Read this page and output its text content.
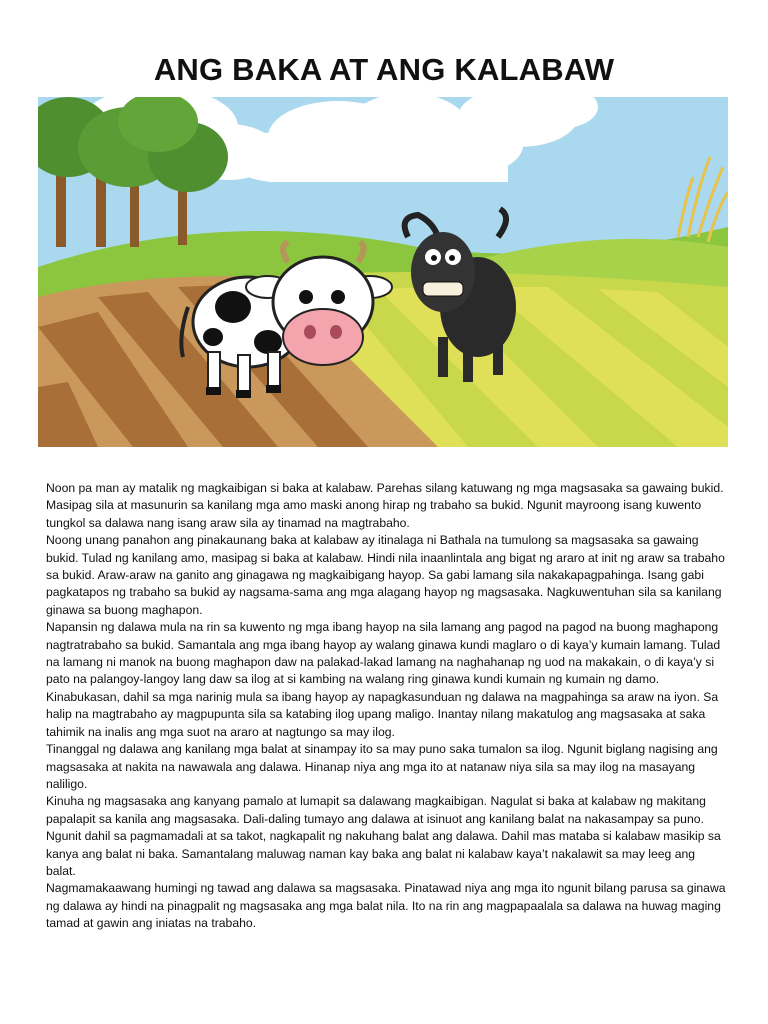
ANG BAKA AT ANG KALABAW

Noon pa man ay matalik ng magkaibigan si baka at kalabaw. Parehas silang katuwang ng mga magsasaka sa gawaing bukid. Masipag sila at masunurin sa kanilang mga amo maski anong hirap ng trabaho sa bukid. Ngunit mayroong isang kuwento tungkol sa dalawa nang isang araw sila ay tinamad na magtrabaho.

Noong unang panahon ang pinakaunang baka at kalabaw ay itinalaga ni Bathala na tumulong sa magsasaka sa gawaing bukid. Tulad ng kanilang amo, masipag si baka at kalabaw. Hindi nila inaanlintala ang bigat ng araro at init ng araw sa trabaho sa bukid. Araw-araw na ganito ang ginagawa ng magkaibigang hayop. Sa gabi lamang sila nakakapagpahinga. Isang gabi pagkatapos ng trabaho sa bukid ay nagsama-sama ang mga alagang hayop ng magsasaka. Nagkuwentuhan sila sa kanilang ginawa sa buong maghapon.

Napansin ng dalawa mula na rin sa kuwento ng mga ibang hayop na sila lamang ang pagod na pagod na buong maghapong nagtratrabaho sa bukid. Samantala ang mga ibang hayop ay walang ginawa kundi maglaro o di kaya’y kumain lamang. Tulad na lamang ni manok na buong maghapon daw na palakad-lakad lamang na naghahanap ng uod na makakain, o di kaya’y si pato na palangoy-langoy lang daw sa ilog at si kambing na walang ring ginawa kundi kumain ng kumain ng damo.

Kinabukasan, dahil sa mga narinig mula sa ibang hayop ay napagkasunduan ng dalawa na magpahinga sa araw na iyon. Sa halip na magtrabaho ay magpupunta sila sa katabing ilog upang maligo. Inantay nilang makatulog ang magsasaka at saka tahimik na inalis ang mga suot na araro at nagtungo sa may ilog.

Tinanggal ng dalawa ang kanilang mga balat at sinampay ito sa may puno saka tumalon sa ilog. Ngunit biglang nagising ang magsasaka at nakita na nawawala ang dalawa. Hinanap niya ang mga ito at natanaw niya sila sa may ilog na masayang naliligo.

Kinuha ng magsasaka ang kanyang pamalo at lumapit sa dalawang magkaibigan. Nagulat si baka at kalabaw ng makitang papalapit sa kanila ang magsasaka. Dali-daling tumayo ang dalawa at isinuot ang kanilang balat na nakasampay sa puno. Ngunit dahil sa pagmamadali at sa takot, nagkapalit ng nakuhang balat ang dalawa. Dahil mas mataba si kalabaw masikip sa kanya ang balat ni baka. Samantalang maluwag naman kay baka ang balat ni kalabaw kaya’t nakalawit sa may leeg ang balat.

Nagmamakaawang humingi ng tawad ang dalawa sa magsasaka. Pinatawad niya ang mga ito ngunit bilang parusa sa ginawa ng dalawa ay hindi na pinagpalit ng magsasaka ang mga balat nila. Ito na rin ang magpapaalala sa dalawa na huwag maging tamad at gawin ang iniatas na trabaho.
